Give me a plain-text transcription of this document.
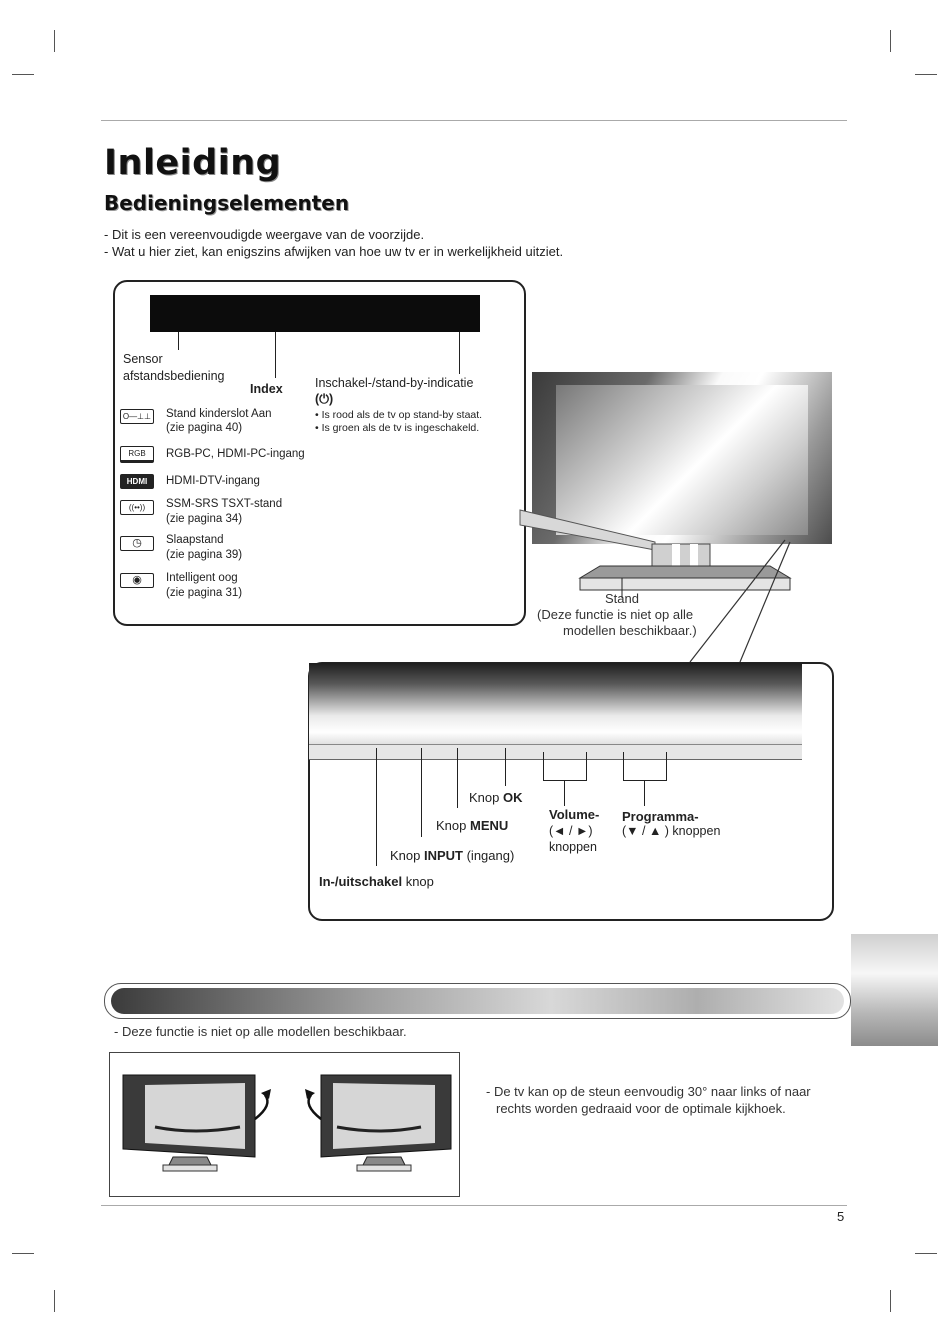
Inleiding
Bedieningselementen
- Dit is een vereenvoudigde weergave van de voorzijde.
- Wat u hier ziet, kan enigszins afwijken van hoe uw tv er in werkelijkheid uitziet.
Sensor
afstandsbediening
Index	Inschakel-/stand-by-indicatie
(⏻)
• Is rood als de tv op stand-by staat.
• Is groen als de tv is ingeschakeld.
O—⊥⊥ Stand kinderslot Aan
(zie pagina 40)
RGB	RGB-PC, HDMI-PC-ingang
HDMI	HDMI-DTV-ingang
((••))	SSM-SRS TSXT-stand
(zie pagina 34)
◷	Slaapstand
(zie pagina 39)
◉	Intelligent oog
(zie pagina 31)	Stand
(Deze functie is niet op alle
modellen beschikbaar.)
Knop OK
Knop MENU
Knop INPUT (ingang)
In-/uitschakel knop
Volume-
(◄ / ►)
knoppen
Programma-
(▼ / ▲ ) knoppen
- Deze functie is niet op alle modellen beschikbaar.
- De tv kan op de steun eenvoudig 30° naar links of naar
rechts worden gedraaid voor de optimale kijkhoek.
5
